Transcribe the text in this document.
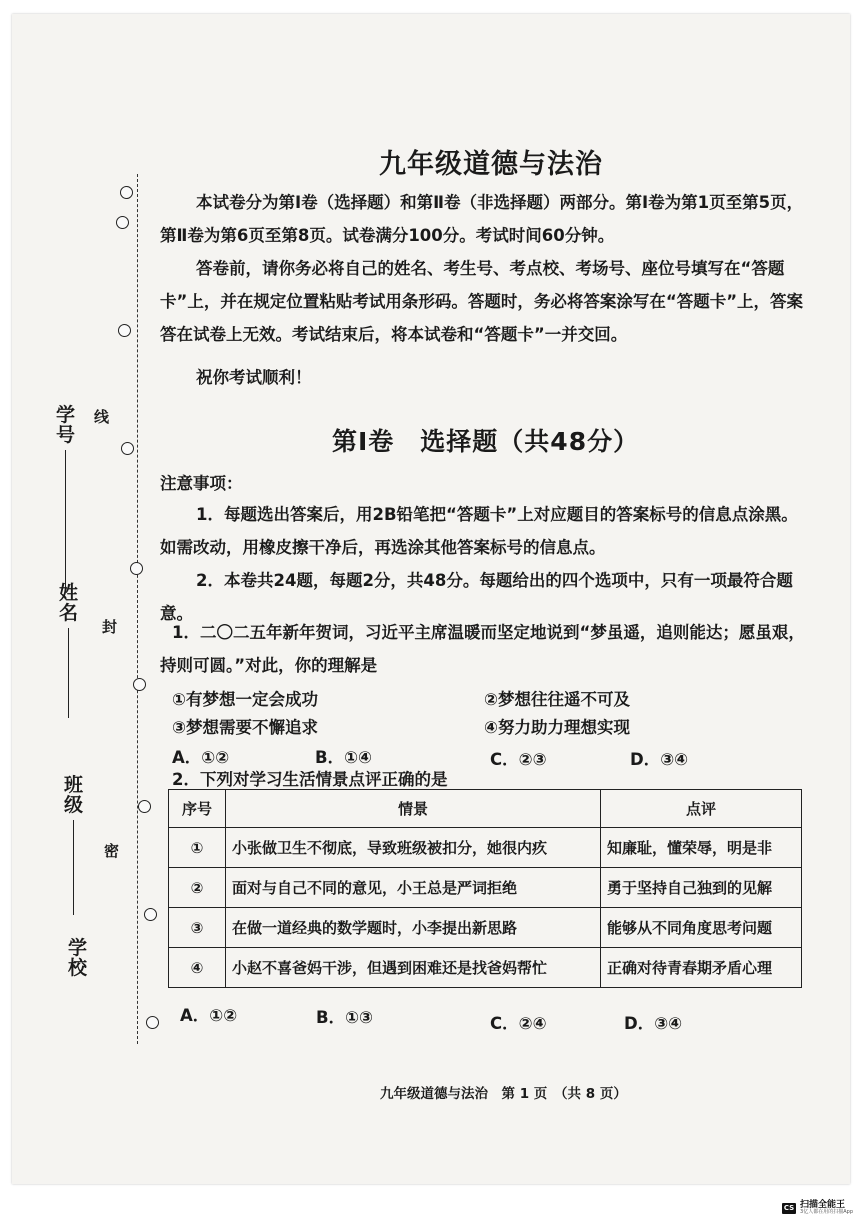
学
号
姓
名
班
级
学
校
线
封
密
九年级道德与法治

本试卷分为第Ⅰ卷（选择题）和第Ⅱ卷（非选择题）两部分。第Ⅰ卷为第1页至第5页，第Ⅱ卷为第6页至第8页。试卷满分100分。考试时间60分钟。

答卷前，请你务必将自己的姓名、考生号、考点校、考场号、座位号填写在“答题卡”上，并在规定位置粘贴考试用条形码。答题时，务必将答案涂写在“答题卡”上，答案答在试卷上无效。考试结束后，将本试卷和“答题卡”一并交回。

祝你考试顺利！
第Ⅰ卷　选择题（共48分）
注意事项：

1．每题选出答案后，用2B铅笔把“答题卡”上对应题目的答案标号的信息点涂黑。如需改动，用橡皮擦干净后，再选涂其他答案标号的信息点。

2．本卷共24题，每题2分，共48分。每题给出的四个选项中，只有一项最符合题意。

1．二〇二五年新年贺词，习近平主席温暖而坚定地说到“梦虽遥，追则能达；愿虽艰，持则可圆。”对此，你的理解是

①有梦想一定会成功	②梦想往往遥不可及
③梦想需要不懈追求	④努力助力理想实现
A．①②	B．①④	C．②③	D．③④
2．下列对学习生活情景点评正确的是
序号	情景	点评
①	小张做卫生不彻底，导致班级被扣分，她很内疚	知廉耻，懂荣辱，明是非
②	面对与自己不同的意见，小王总是严词拒绝	勇于坚持自己独到的见解
③	在做一道经典的数学题时，小李提出新思路	能够从不同角度思考问题
④	小赵不喜爸妈干涉，但遇到困难还是找爸妈帮忙	正确对待青春期矛盾心理
A．①②	B．①③	C．②④	D．③④
九年级道德与法治　第 1 页　（共 8 页）
CS 扫描全能王
3亿人都在用的扫描App
